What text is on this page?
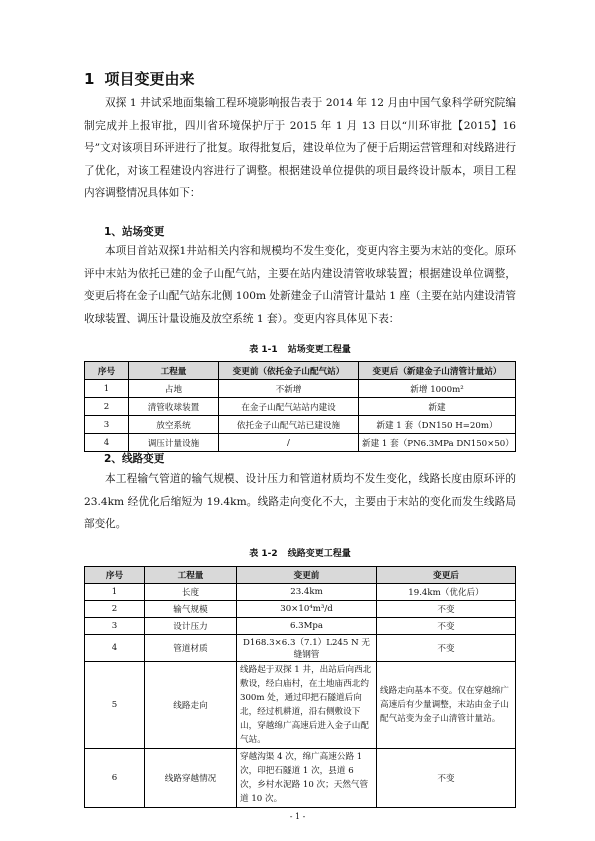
1 项目变更由来

双探 1 井试采地面集输工程环境影响报告表于 2014 年 12 月由中国气象科学研究院编制完成并上报审批，四川省环境保护厅于 2015 年 1 月 13 日以“川环审批【2015】16 号”文对该项目环评进行了批复。取得批复后，建设单位为了便于后期运营管理和对线路进行了优化，对该工程建设内容进行了调整。根据建设单位提供的项目最终设计版本，项目工程内容调整情况具体如下：

1、站场变更

本项目首站双探1井站相关内容和规模均不发生变化，变更内容主要为末站的变化。原环评中末站为依托已建的金子山配气站，主要在站内建设清管收球装置；根据建设单位调整，变更后将在金子山配气站东北侧 100m 处新建金子山清管计量站 1 座（主要在站内建设清管收球装置、调压计量设施及放空系统 1 套）。变更内容具体见下表：

表 1-1 站场变更工程量
序号	工程量	变更前（依托金子山配气站）	变更后（新建金子山清管计量站）
1	占地	不新增	新增 1000m²
2	清管收球装置	在金子山配气站站内建设	新建
3	放空系统	依托金子山配气站已建设施	新建 1 套（DN150 H=20m）
4	调压计量设施	/	新建 1 套（PN6.3MPa DN150×50）
2、线路变更

本工程输气管道的输气规模、设计压力和管道材质均不发生变化，线路长度由原环评的 23.4km 经优化后缩短为 19.4km。线路走向变化不大，主要由于末站的变化而发生线路局部变化。

表 1-2 线路变更工程量
序号	工程量	变更前	变更后
1	长度	23.4km	19.4km（优化后）
2	输气规模	30×10⁴m³/d	不变
3	设计压力	6.3Mpa	不变
4	管道材质	D168.3×6.3（7.1）L245 N 无缝钢管	不变
5	线路走向	线路起于双探 1 井，出站后向西北敷设，经白庙村，在土地庙西北约 300m 处，通过印把石隧道后向北，经过机耕道，沿右侧敷设下山，穿越绵广高速后进入金子山配气站。	线路走向基本不变。仅在穿越绵广高速后有少量调整，末站由金子山配气站变为金子山清管计量站。
6	线路穿越情况	穿越沟渠 4 次，绵广高速公路 1 次，印把石隧道 1 次，县道 6 次，乡村水泥路 10 次；天然气管道 10 次。	不变
- 1 -
